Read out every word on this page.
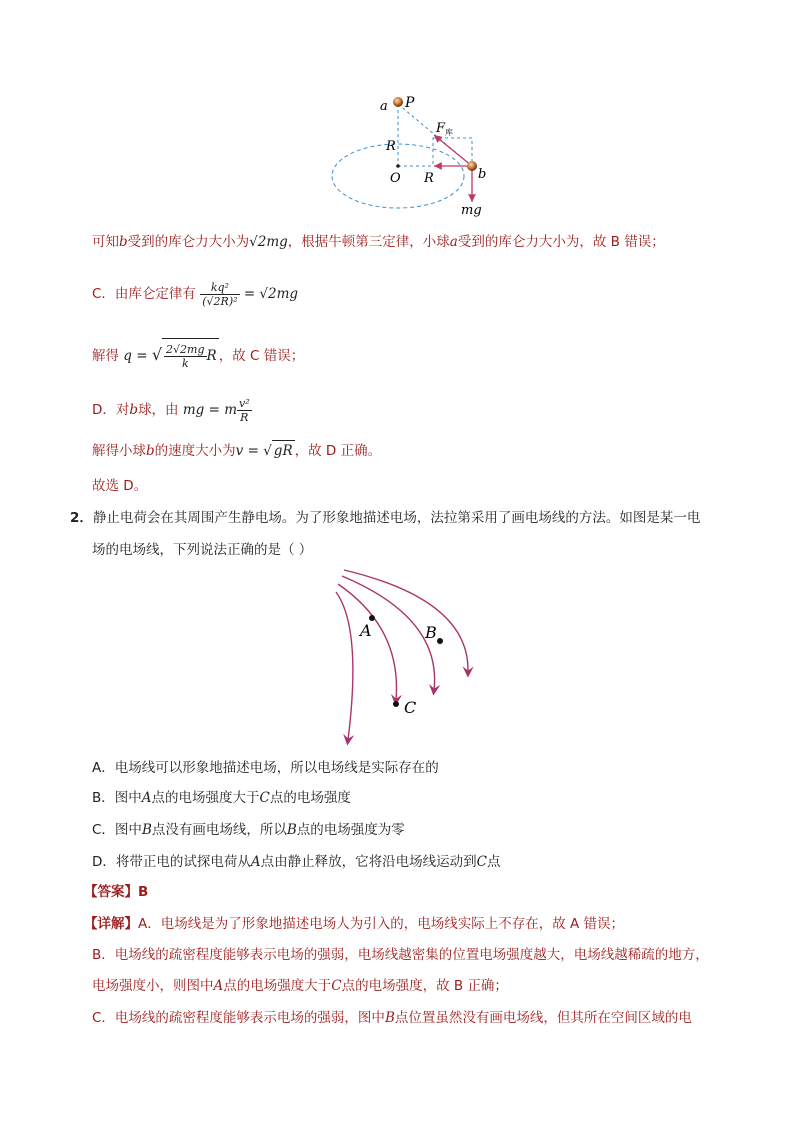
a P
$F_库$
R
O R	b
mg
可知b受到的库仑力大小为√2mg，根据牛顿第三定律，小球a受到的库仑力大小为，故 B 错误；
C．由库仑定律有 $\frac{\text{kq²}}{\text{(√2R)²}} = √2mg$
解得 q = √ $\frac{2√2mg}{k}$ R ，故 C 错误；
D．对b球，由 mg = m $\frac{\text{v²}}{R}$
解得小球b的速度大小为v = √ gR ，故 D 正确。
故选 D。
2．静止电荷会在其周围产生静电场。为了形象地描述电场，法拉第采用了画电场线的方法。如图是某一电
场的电场线，下列说法正确的是（ ）
A	B
C
A．电场线可以形象地描述电场，所以电场线是实际存在的
B．图中A点的电场强度大于C点的电场强度
C．图中B点没有画电场线，所以B点的电场强度为零
D．将带正电的试探电荷从A点由静止释放，它将沿电场线运动到C点
【答案】B
【详解】A．电场线是为了形象地描述电场人为引入的，电场线实际上不存在，故 A 错误；
B．电场线的疏密程度能够表示电场的强弱，电场线越密集的位置电场强度越大，电场线越稀疏的地方，
电场强度小，则图中A点的电场强度大于C点的电场强度，故 B 正确；
C．电场线的疏密程度能够表示电场的强弱，图中B点位置虽然没有画电场线，但其所在空间区域的电
